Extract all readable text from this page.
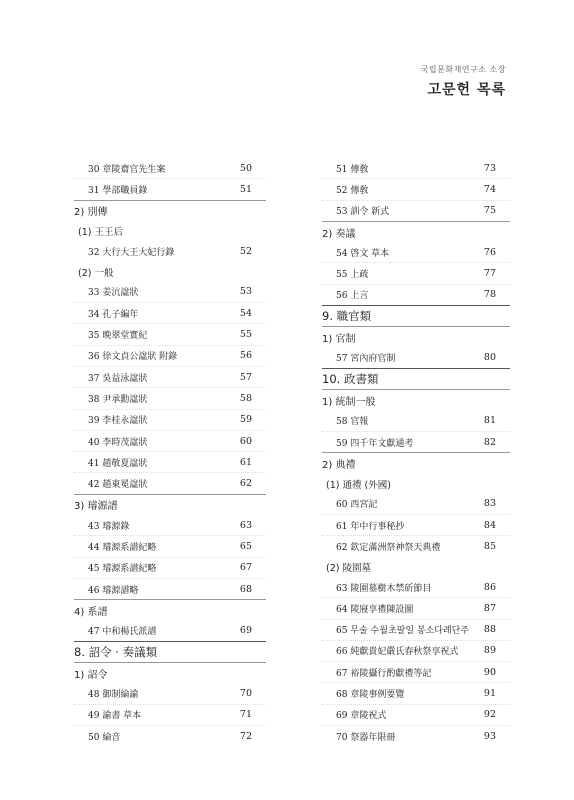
국립문화재연구소 소장
고문헌 목록
30 章陵齋官先生案	50
31 學部職員錄	51
2) 別傳
(1) 王王后
32 大行大王大妃行錄	52
(2) 一般
33 姜沆諡狀	53
34 孔子編年	54
35 晩翠堂實紀	55
36 徐文貞公諡狀 附錄	56
37 吳益泳諡狀	57
38 尹承勳諡狀	58
39 李桂永諡狀	59
40 李時茂諡狀	60
41 趙敬夏諡狀	61
42 趙東冕諡狀	62
3) 璿源譜
43 璿源錄	63
44 璿源系譜紀略	65
45 璿源系譜紀略	67
46 璿源譜略	68
4) 系譜
47 中和楊氏派譜	69
8. 詔令 · 奏議類
1) 詔令
48 御制綸諭	70
49 諭書 草本	71
50 綸音	72
51 傳敎	73
52 傳敎	74
53 訓令 新式	75
2) 奏議
54 啓文 草本	76
55 上疏	77
56 上言	78
9. 職官類
1) 官制
57 宮內府官制	80
10. 政書類
1) 統制一般
58 官報	81
59 四千年文獻通考	82
2) 典禮
(1) 通禮 (外國)
60 西宮記	83
61 年中行事秘抄	84
62 欽定滿洲祭神祭天典禮	85
(2) 陵園墓
63 陵園墓樹木禁斫節目	86
64 陵寢享禮陳設圖	87
65 무술 수월초팔일 봉소다례단주 88
66 純獻貴妃嚴氏春秋祭享祝式	89
67 裕陵攝行酌獻禮等記	90
68 章陵事例要覽	91
69 章陵祝式	92
70 祭器年限冊	93
